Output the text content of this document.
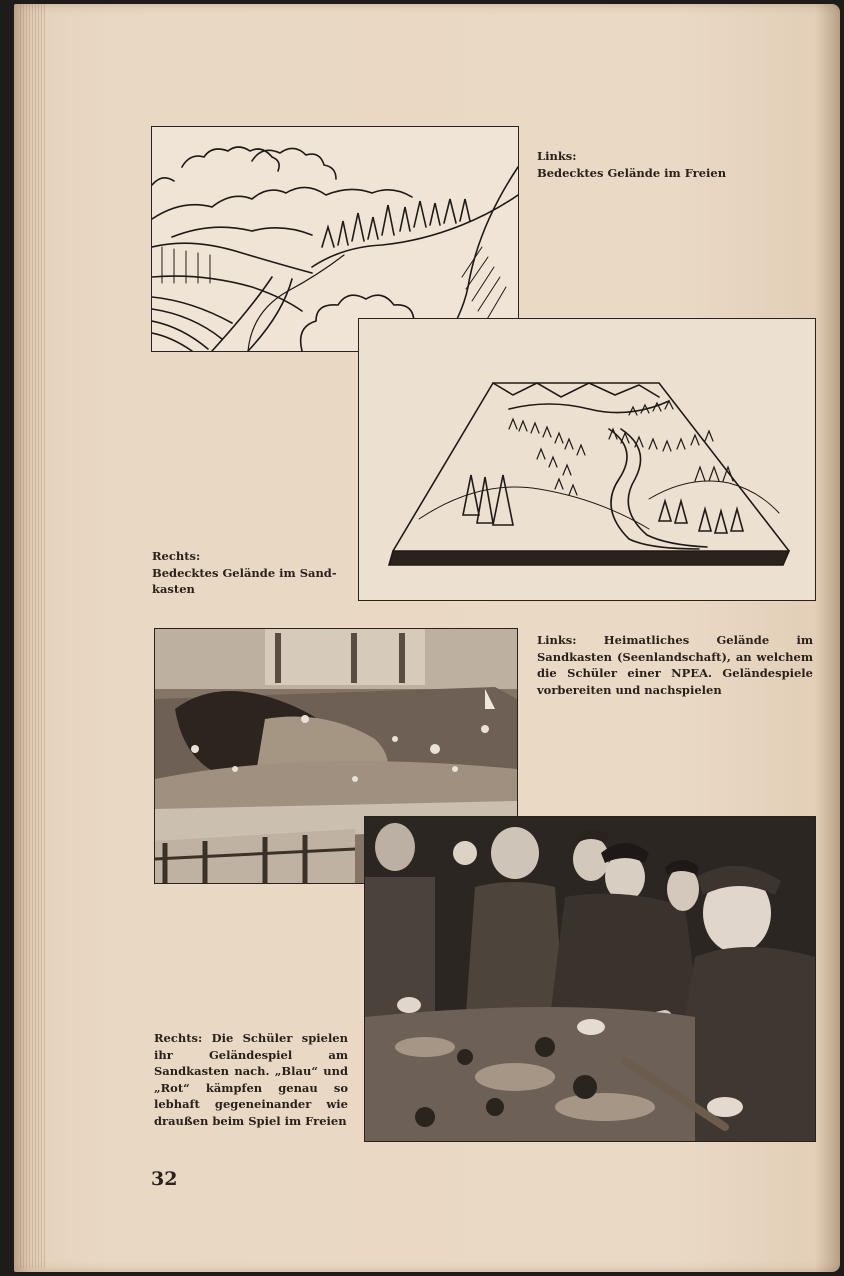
Links:
Bedecktes Gelände im Freien
Rechts:
Bedecktes Gelände im Sand-kasten
Links: Heimatliches Gelände im Sandkasten (Seenlandschaft), an welchem die Schüler einer NPEA. Geländespiele vorbereiten und nachspielen
Rechts: Die Schüler spielen ihr Geländespiel am Sandkasten nach. „Blau“ und „Rot“ kämpfen genau so lebhaft gegeneinander wie draußen beim Spiel im Freien
32
